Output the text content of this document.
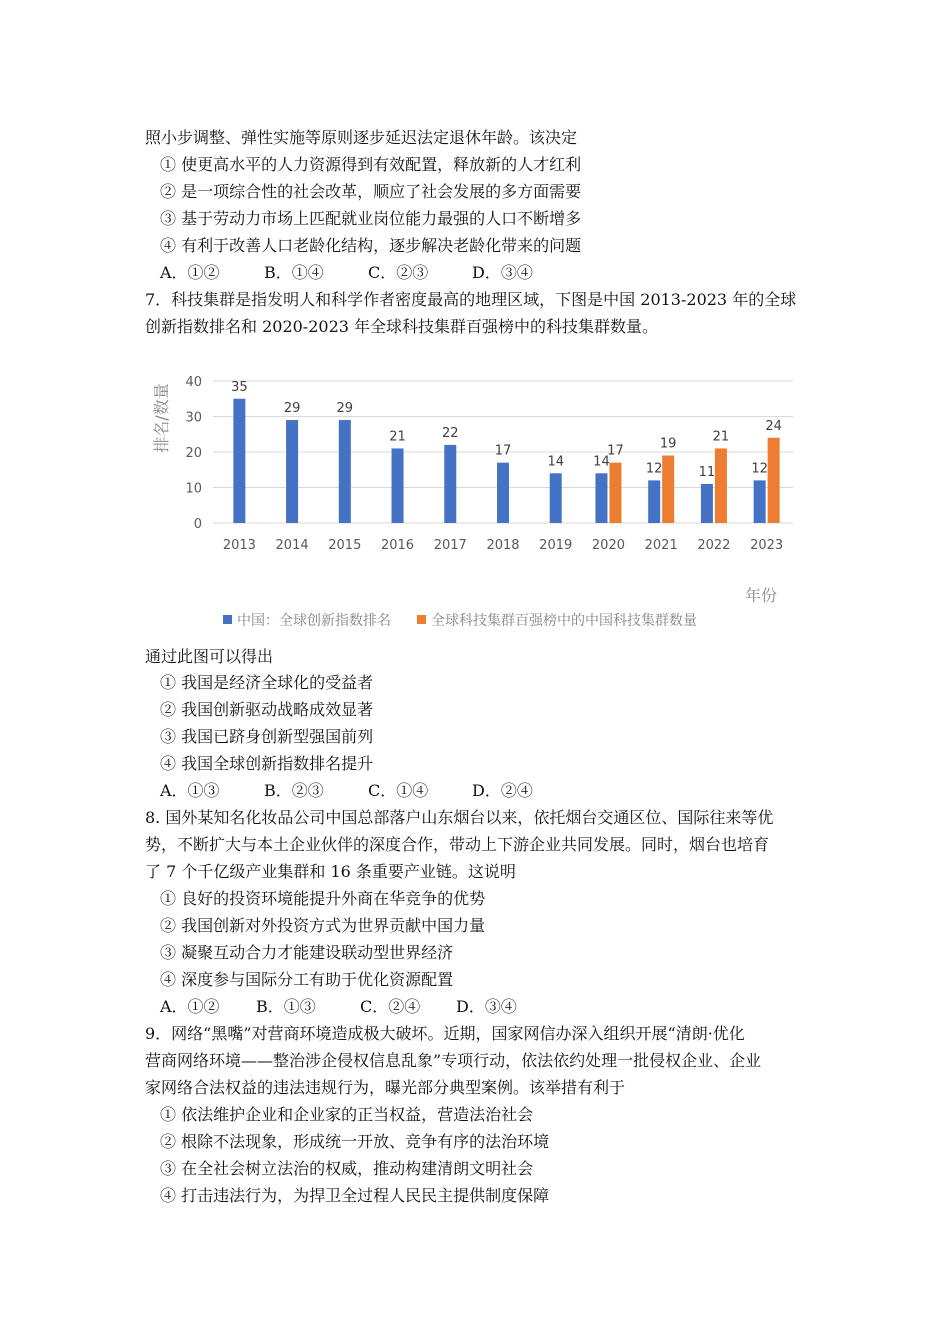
照小步调整、弹性实施等原则逐步延迟法定退休年龄。该决定
① 使更高水平的人力资源得到有效配置，释放新的人才红利
② 是一项综合性的社会改革，顺应了社会发展的多方面需要
③ 基于劳动力市场上匹配就业岗位能力最强的人口不断增多
④ 有利于改善人口老龄化结构，逐步解决老龄化带来的问题
A．①②	B．①④	C．②③	D．③④
7．科技集群是指发明人和科学作者密度最高的地理区域，下图是中国 2013-2023 年的全球
创新指数排名和 2020-2023 年全球科技集群百强榜中的科技集群数量。
0
10
20
30
40 35
29	29
21	22
17
14 14
17
12
19
11
21
12
24
2013 2014 2015 2016 2017 2018 2019 2020 2021 2022 2023
排名/数量
年份
中国：全球创新指数排名	全球科技集群百强榜中的中国科技集群数量
通过此图可以得出
① 我国是经济全球化的受益者
② 我国创新驱动战略成效显著
③ 我国已跻身创新型强国前列
④ 我国全球创新指数排名提升
A．①③	B．②③	C．①④	D．②④
8. 国外某知名化妆品公司中国总部落户山东烟台以来，依托烟台交通区位、国际往来等优
势，不断扩大与本土企业伙伴的深度合作，带动上下游企业共同发展。同时，烟台也培育
了 7 个千亿级产业集群和 16 条重要产业链。这说明
① 良好的投资环境能提升外商在华竞争的优势
② 我国创新对外投资方式为世界贡献中国力量
③ 凝聚互动合力才能建设联动型世界经济
④ 深度参与国际分工有助于优化资源配置
A．①② B．①③	C．②④ D．③④
9．网络“黑嘴”对营商环境造成极大破坏。近期，国家网信办深入组织开展“清朗·优化
营商网络环境——整治涉企侵权信息乱象”专项行动，依法依约处理一批侵权企业、企业
家网络合法权益的违法违规行为，曝光部分典型案例。该举措有利于
① 依法维护企业和企业家的正当权益，营造法治社会
② 根除不法现象，形成统一开放、竞争有序的法治环境
③ 在全社会树立法治的权威，推动构建清朗文明社会
④ 打击违法行为，为捍卫全过程人民民主提供制度保障
